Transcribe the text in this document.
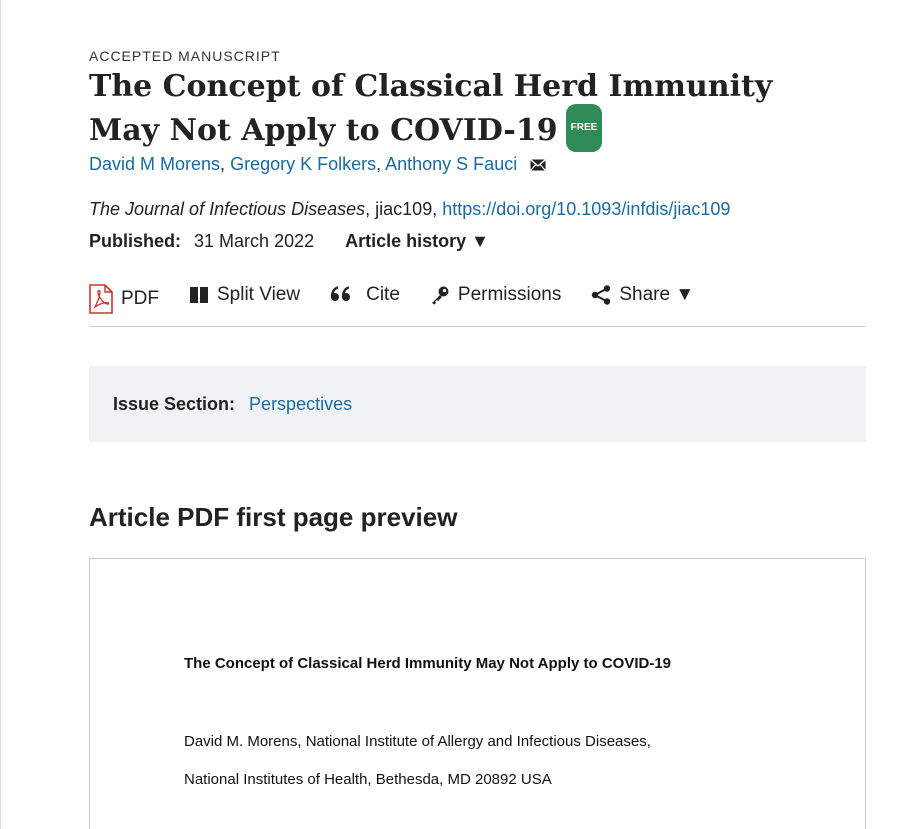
ACCEPTED MANUSCRIPT
The Concept of Classical Herd Immunity May Not Apply to COVID-19 FREE
David M Morens, Gregory K Folkers, Anthony S Fauci
The Journal of Infectious Diseases, jiac109, https://doi.org/10.1093/infdis/jiac109
Published: 31 March 2022 Article history ▼
PDF	Split View	Cite	Permissions	Share ▼
Issue Section: Perspectives
Article PDF first page preview
The Concept of Classical Herd Immunity May Not Apply to COVID-19
David M. Morens, National Institute of Allergy and Infectious Diseases,
National Institutes of Health, Bethesda, MD 20892 USA
